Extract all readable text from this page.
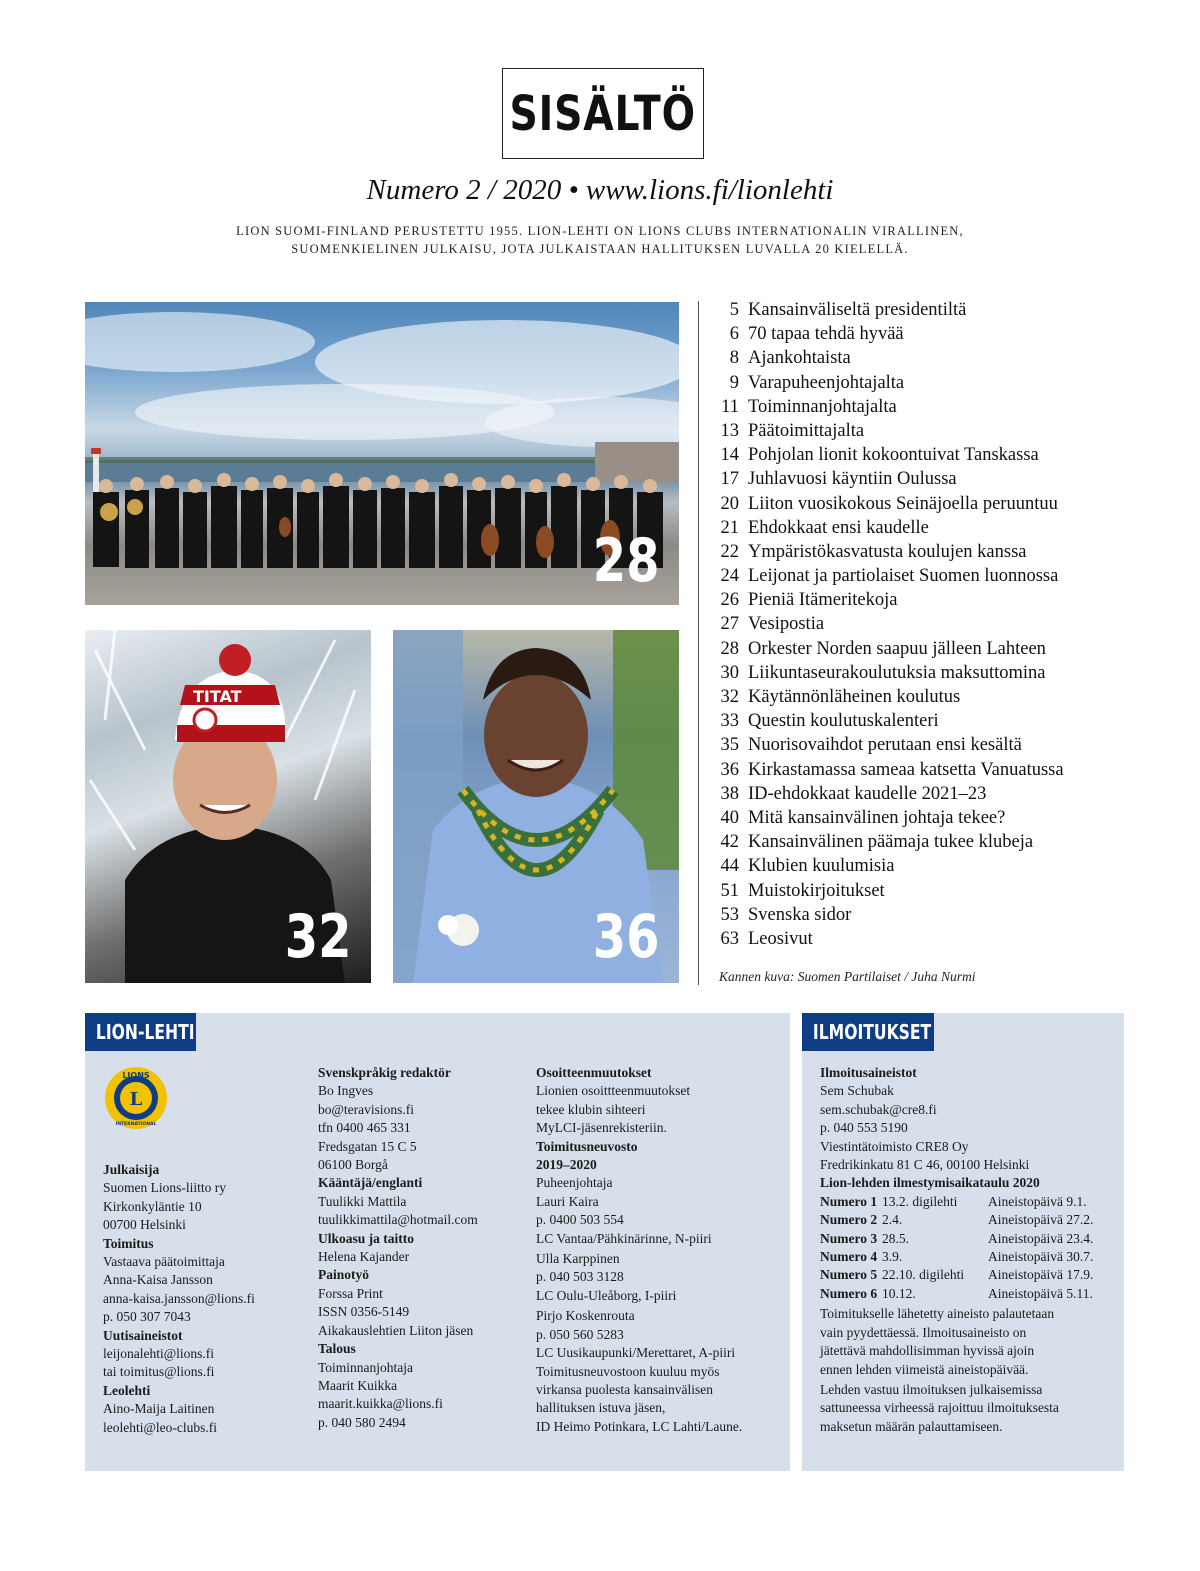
SISÄLTÖ
Numero 2 / 2020 • www.lions.fi/lionlehti
LION SUOMI-FINLAND PERUSTETTU 1955. LION-LEHTI ON LIONS CLUBS INTERNATIONALIN VIRALLINEN,
SUOMENKIELINEN JULKAISU, JOTA JULKAISTAAN HALLITUKSEN LUVALLA 20 KIELELLÄ.
28
TITAT
32	36
5 Kansainväliseltä presidentiltä
6 70 tapaa tehdä hyvää
8 Ajankohtaista
9 Varapuheenjohtajalta
11 Toiminnanjohtajalta
13 Päätoimittajalta
14 Pohjolan lionit kokoontuivat Tanskassa
17 Juhlavuosi käyntiin Oulussa
20 Liiton vuosikokous Seinäjoella peruuntuu
21 Ehdokkaat ensi kaudelle
22 Ympäristökasvatusta koulujen kanssa
24 Leijonat ja partiolaiset Suomen luonnossa
26 Pieniä Itämeritekoja
27 Vesipostia
28 Orkester Norden saapuu jälleen Lahteen
30 Liikuntaseurakoulutuksia maksuttomina
32 Käytännönläheinen koulutus
33 Questin koulutuskalenteri
35 Nuorisovaihdot perutaan ensi kesältä
36 Kirkastamassa sameaa katsetta Vanuatussa
38 ID-ehdokkaat kaudelle 2021–23
40 Mitä kansainvälinen johtaja tekee?
42 Kansainvälinen päämaja tukee klubeja
44 Klubien kuulumisia
51 Muistokirjoitukset
53 Svenska sidor
63 Leosivut
Kannen kuva: Suomen Partilaiset / Juha Nurmi
LION-LEHTI
LIONS
L
INTERNATIONAL
Julkaisija
Suomen Lions-liitto ry
Kirkonkyläntie 10
00700 Helsinki
Toimitus
Vastaava päätoimittaja
Anna-Kaisa Jansson
anna-kaisa.jansson@lions.fi
p. 050 307 7043
Uutisaineistot
leijonalehti@lions.fi
tai toimitus@lions.fi
Leolehti
Aino-Maija Laitinen
leolehti@leo-clubs.fi
Svenskpråkig redaktör
Bo Ingves
bo@teravisions.fi
tfn 0400 465 331
Fredsgatan 15 C 5
06100 Borgå
Kääntäjä/englanti
Tuulikki Mattila
tuulikkimattila@hotmail.com
Ulkoasu ja taitto
Helena Kajander
Painotyö
Forssa Print
ISSN 0356-5149
Aikakauslehtien Liiton jäsen
Talous
Toiminnanjohtaja
Maarit Kuikka
maarit.kuikka@lions.fi
p. 040 580 2494
Osoitteenmuutokset
Lionien osoittteenmuutokset
tekee klubin sihteeri
MyLCI-jäsenrekisteriin.
Toimitusneuvosto
2019–2020
Puheenjohtaja
Lauri Kaira
p. 0400 503 554
LC Vantaa/Pähkinärinne, N-piiri
Ulla Karppinen
p. 040 503 3128
LC Oulu-Uleåborg, I-piiri
Pirjo Koskenrouta
p. 050 560 5283
LC Uusikaupunki/Merettaret, A-piiri
Toimitusneuvostoon kuuluu myös
virkansa puolesta kansainvälisen
hallituksen istuva jäsen,
ID Heimo Potinkara, LC Lahti/Laune.
ILMOITUKSET
Ilmoitusaineistot
Sem Schubak
sem.schubak@cre8.fi
p. 040 553 5190
Viestintätoimisto CRE8 Oy
Fredrikinkatu 81 C 46, 00100 Helsinki
Lion-lehden ilmestymisaikataulu 2020
Numero 1 13.2. digilehti	Aineistopäivä 9.1.
Numero 2 2.4.	Aineistopäivä 27.2.
Numero 3 28.5.	Aineistopäivä 23.4.
Numero 4 3.9.	Aineistopäivä 30.7.
Numero 5 22.10. digilehti	Aineistopäivä 17.9.
Numero 6 10.12.	Aineistopäivä 5.11.
Toimitukselle lähetetty aineisto palautetaan
vain pyydettäessä. Ilmoitusaineisto on
jätettävä mahdollisimman hyvissä ajoin
ennen lehden viimeistä aineistopäivää.
Lehden vastuu ilmoituksen julkaisemissa
sattuneessa virheessä rajoittuu ilmoituksesta
maksetun määrän palauttamiseen.
